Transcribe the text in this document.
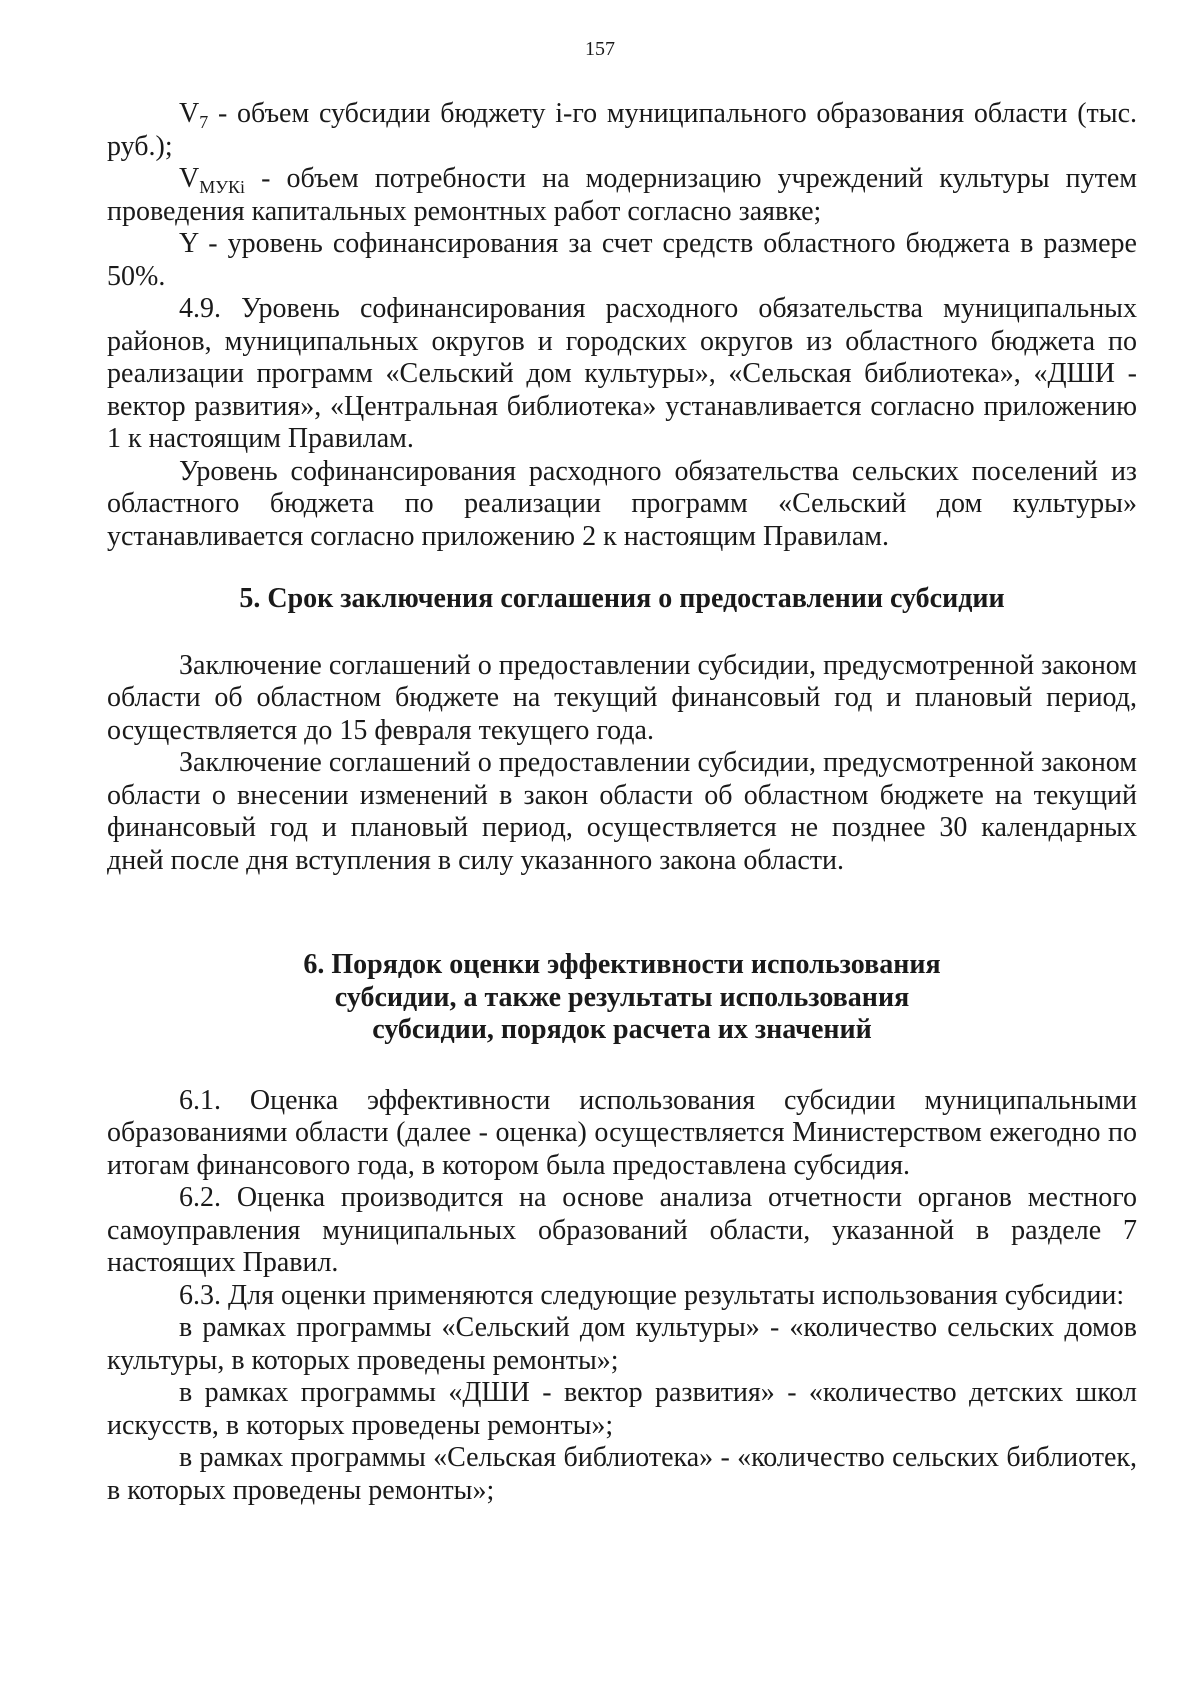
157

$V_7$ - объем субсидии бюджету i-го муниципального образования области (тыс. руб.);

$V_{МУКi}$ - объем потребности на модернизацию учреждений культуры путем проведения капитальных ремонтных работ согласно заявке;

Y - уровень софинансирования за счет средств областного бюджета в размере 50%.

4.9. Уровень софинансирования расходного обязательства муниципальных районов, муниципальных округов и городских округов из областного бюджета по реализации программ «Сельский дом культуры», «Сельская библиотека», «ДШИ - вектор развития», «Центральная библиотека» устанавливается согласно приложению 1 к настоящим Правилам.

Уровень софинансирования расходного обязательства сельских поселений из областного бюджета по реализации программ «Сельский дом культуры» устанавливается согласно приложению 2 к настоящим Правилам.

5. Срок заключения соглашения о предоставлении субсидии

Заключение соглашений о предоставлении субсидии, предусмотренной законом области об областном бюджете на текущий финансовый год и плановый период, осуществляется до 15 февраля текущего года.

Заключение соглашений о предоставлении субсидии, предусмотренной законом области о внесении изменений в закон области об областном бюджете на текущий финансовый год и плановый период, осуществляется не позднее 30 календарных дней после дня вступления в силу указанного закона области.

6. Порядок оценки эффективности использования
субсидии, а также результаты использования
субсидии, порядок расчета их значений

6.1. Оценка эффективности использования субсидии муниципальными образованиями области (далее - оценка) осуществляется Министерством ежегодно по итогам финансового года, в котором была предоставлена субсидия.

6.2. Оценка производится на основе анализа отчетности органов местного самоуправления муниципальных образований области, указанной в разделе 7 настоящих Правил.

6.3. Для оценки применяются следующие результаты использования субсидии:

в рамках программы «Сельский дом культуры» - «количество сельских домов культуры, в которых проведены ремонты»;

в рамках программы «ДШИ - вектор развития» - «количество детских школ искусств, в которых проведены ремонты»;

в рамках программы «Сельская библиотека» - «количество сельских библиотек, в которых проведены ремонты»;
